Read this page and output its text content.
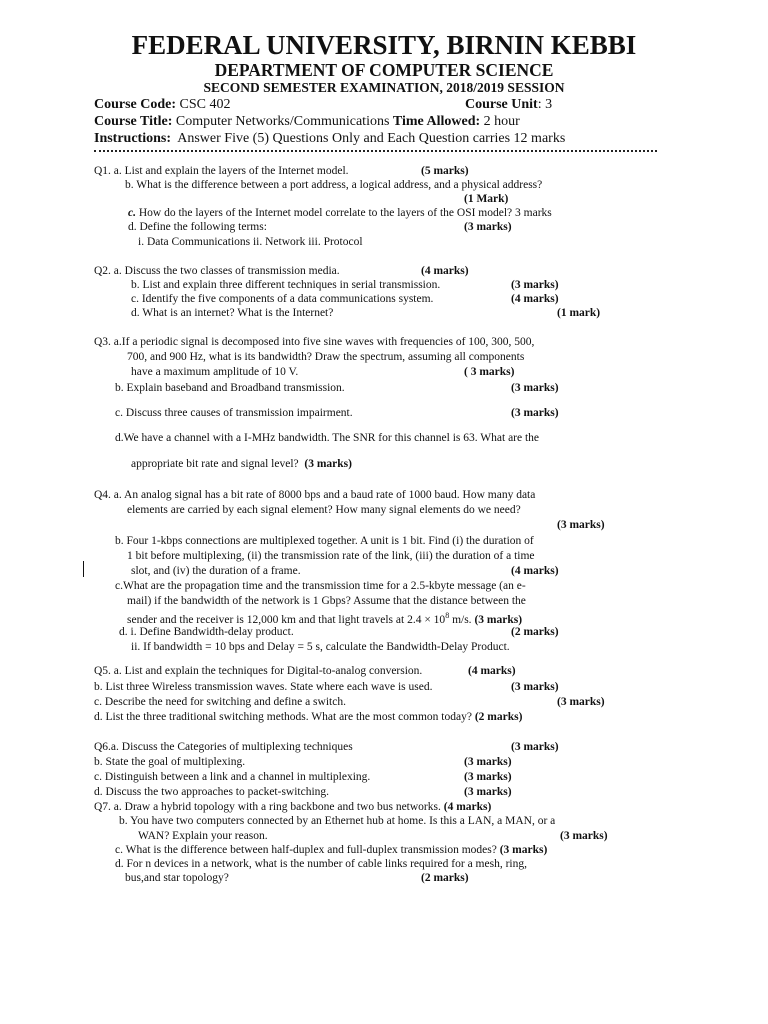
FEDERAL UNIVERSITY, BIRNIN KEBBI
DEPARTMENT OF COMPUTER SCIENCE
SECOND SEMESTER EXAMINATION, 2018/2019 SESSION
Course Code: CSC 402	Course Unit: 3
Course Title: Computer Networks/Communications Time Allowed: 2 hour
Instructions: Answer Five (5) Questions Only and Each Question carries 12 marks
Q1. a. List and explain the layers of the Internet model.	(5 marks)
b. What is the difference between a port address, a logical address, and a physical address?
(1 Mark)
c. How do the layers of the Internet model correlate to the layers of the OSI model? 3 marks
d. Define the following terms:	(3 marks)
i. Data Communications ii. Network iii. Protocol
Q2. a. Discuss the two classes of transmission media.	(4 marks)
b. List and explain three different techniques in serial transmission.	(3 marks)
c. Identify the five components of a data communications system.	(4 marks)
d. What is an internet? What is the Internet?	(1 mark)
Q3. a.If a periodic signal is decomposed into five sine waves with frequencies of 100, 300, 500,
700, and 900 Hz, what is its bandwidth? Draw the spectrum, assuming all components
have a maximum amplitude of 10 V.	( 3 marks)
b. Explain baseband and Broadband transmission.	(3 marks)
c. Discuss three causes of transmission impairment.	(3 marks)
d.We have a channel with a I-MHz bandwidth. The SNR for this channel is 63. What are the
appropriate bit rate and signal level? (3 marks)
Q4. a. An analog signal has a bit rate of 8000 bps and a baud rate of 1000 baud. How many data
elements are carried by each signal element? How many signal elements do we need?
(3 marks)
b. Four 1-kbps connections are multiplexed together. A unit is 1 bit. Find (i) the duration of
1 bit before multiplexing, (ii) the transmission rate of the link, (iii) the duration of a time
slot, and (iv) the duration of a frame.	(4 marks)
c.What are the propagation time and the transmission time for a 2.5-kbyte message (an e-
mail) if the bandwidth of the network is 1 Gbps? Assume that the distance between the
sender and the receiver is 12,000 km and that light travels at $2.4 \times 10^8$ m/s. (3 marks)
d. i. Define Bandwidth-delay product.	(2 marks)
ii. If bandwidth = 10 bps and Delay = 5 s, calculate the Bandwidth-Delay Product.
Q5. a. List and explain the techniques for Digital-to-analog conversion.	(4 marks)
b. List three Wireless transmission waves. State where each wave is used.	(3 marks)
c. Describe the need for switching and define a switch.	(3 marks)
d. List the three traditional switching methods. What are the most common today? (2 marks)
Q6.a. Discuss the Categories of multiplexing techniques	(3 marks)
b. State the goal of multiplexing.	(3 marks)
c. Distinguish between a link and a channel in multiplexing.	(3 marks)
d. Discuss the two approaches to packet-switching.	(3 marks)
Q7. a. Draw a hybrid topology with a ring backbone and two bus networks. (4 marks)
b. You have two computers connected by an Ethernet hub at home. Is this a LAN, a MAN, or a
WAN? Explain your reason.	(3 marks)
c. What is the difference between half-duplex and full-duplex transmission modes? (3 marks)
d. For n devices in a network, what is the number of cable links required for a mesh, ring,
bus,and star topology?	(2 marks)
